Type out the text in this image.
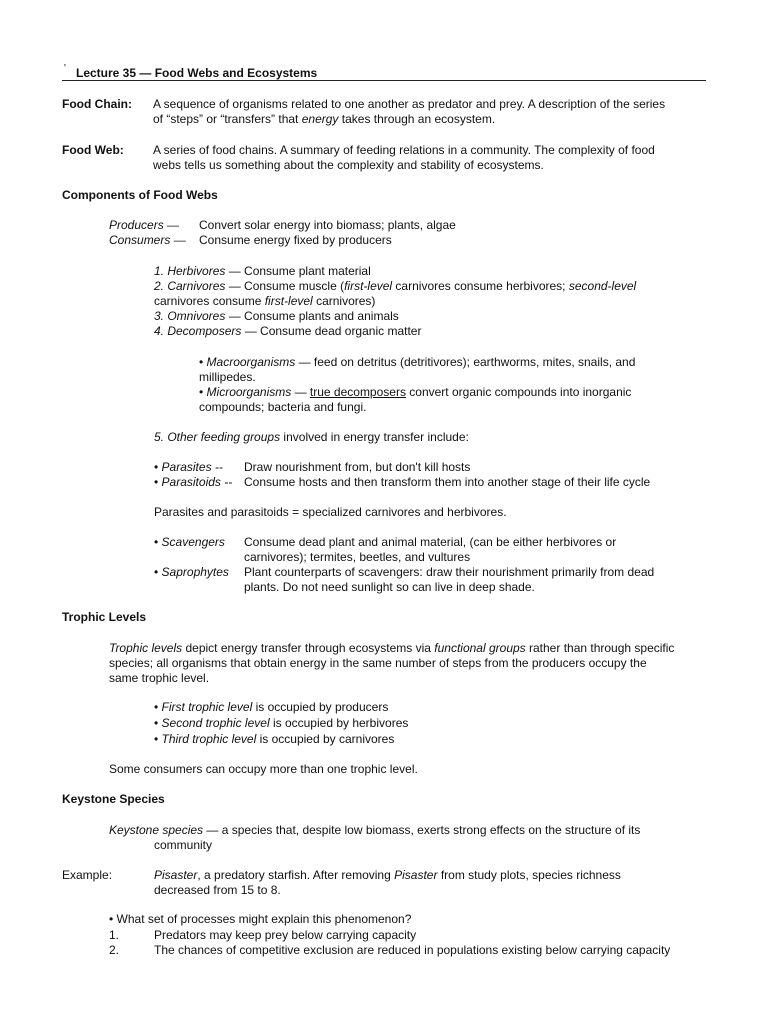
' Lecture 35 — Food Webs and Ecosystems
Food Chain: A sequence of organisms related to one another as predator and prey. A description of the series
of “steps” or “transfers” that energy takes through an ecosystem.
Food Web: A series of food chains. A summary of feeding relations in a community. The complexity of food
webs tells us something about the complexity and stability of ecosystems.
Components of Food Webs
Producers — Convert solar energy into biomass; plants, algae
Consumers — Consume energy fixed by producers
1. Herbivores — Consume plant material
2. Carnivores — Consume muscle (first-level carnivores consume herbivores; second-level
carnivores consume first-level carnivores)
3. Omnivores — Consume plants and animals
4. Decomposers — Consume dead organic matter
• Macroorganisms — feed on detritus (detritivores); earthworms, mites, snails, and
millipedes.
• Microorganisms — true decomposers convert organic compounds into inorganic
compounds; bacteria and fungi.
5. Other feeding groups involved in energy transfer include:
• Parasites -- Draw nourishment from, but don't kill hosts
• Parasitoids -- Consume hosts and then transform them into another stage of their life cycle
Parasites and parasitoids = specialized carnivores and herbivores.
• Scavengers Consume dead plant and animal material, (can be either herbivores or
carnivores); termites, beetles, and vultures
• Saprophytes Plant counterparts of scavengers: draw their nourishment primarily from dead
plants. Do not need sunlight so can live in deep shade.
Trophic Levels
Trophic levels depict energy transfer through ecosystems via functional groups rather than through specific
species; all organisms that obtain energy in the same number of steps from the producers occupy the
same trophic level.
• First trophic level is occupied by producers
• Second trophic level is occupied by herbivores
• Third trophic level is occupied by carnivores
Some consumers can occupy more than one trophic level.
Keystone Species
Keystone species — a species that, despite low biomass, exerts strong effects on the structure of its
community
Example:	Pisaster, a predatory starfish. After removing Pisaster from study plots, species richness
decreased from 15 to 8.
• What set of processes might explain this phenomenon?
1.	Predators may keep prey below carrying capacity
2.	The chances of competitive exclusion are reduced in populations existing below carrying capacity
